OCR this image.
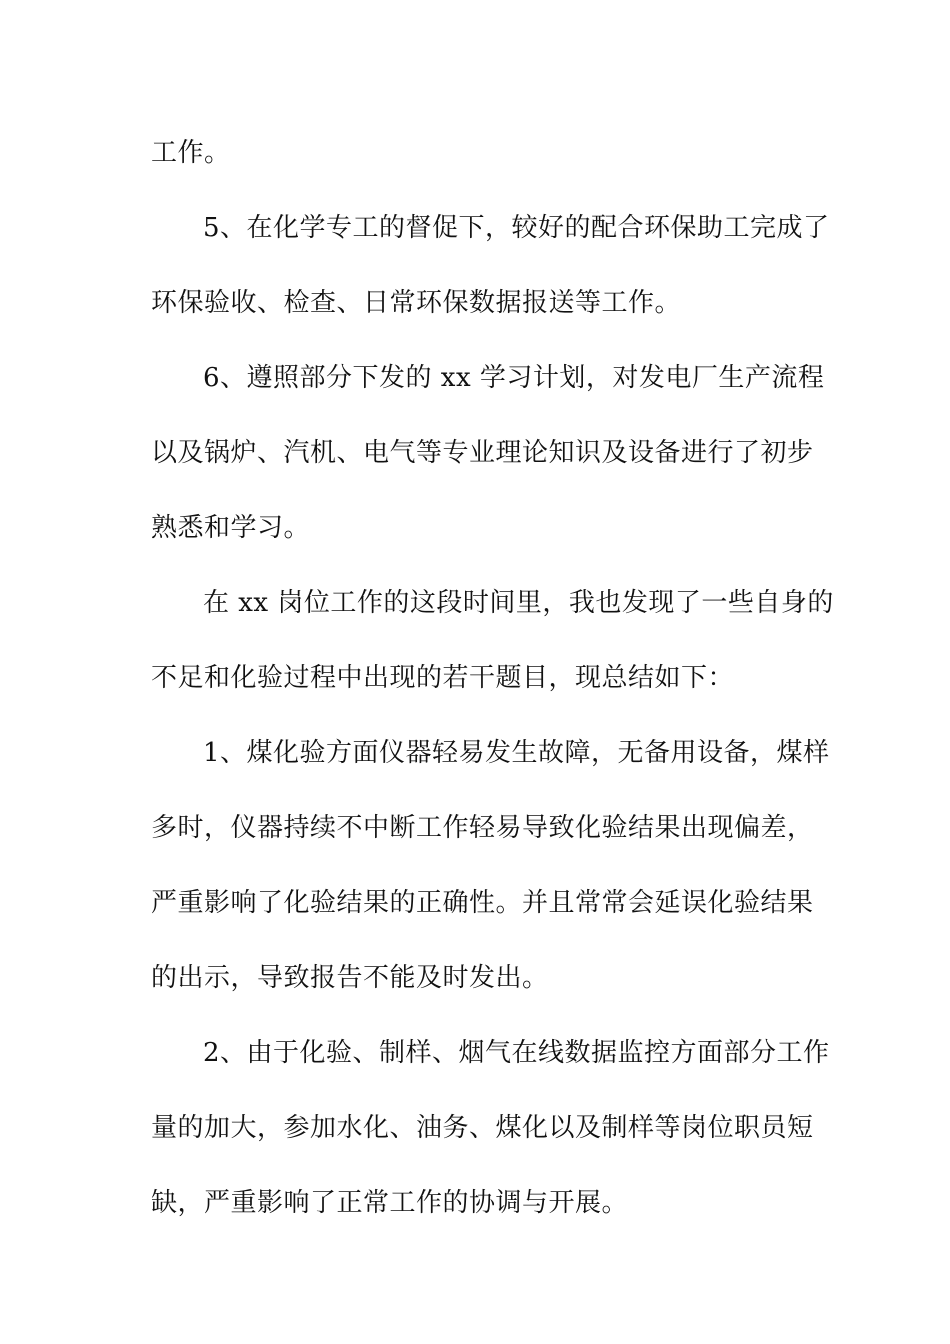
工作。
5、在化学专工的督促下，较好的配合环保助工完成了
环保验收、检查、日常环保数据报送等工作。
6、遵照部分下发的 xx 学习计划，对发电厂生产流程
以及锅炉、汽机、电气等专业理论知识及设备进行了初步
熟悉和学习。
在 xx 岗位工作的这段时间里，我也发现了一些自身的
不足和化验过程中出现的若干题目，现总结如下：
1、煤化验方面仪器轻易发生故障，无备用设备，煤样
多时，仪器持续不中断工作轻易导致化验结果出现偏差，
严重影响了化验结果的正确性。并且常常会延误化验结果
的出示，导致报告不能及时发出。
2、由于化验、制样、烟气在线数据监控方面部分工作
量的加大，参加水化、油务、煤化以及制样等岗位职员短
缺，严重影响了正常工作的协调与开展。
